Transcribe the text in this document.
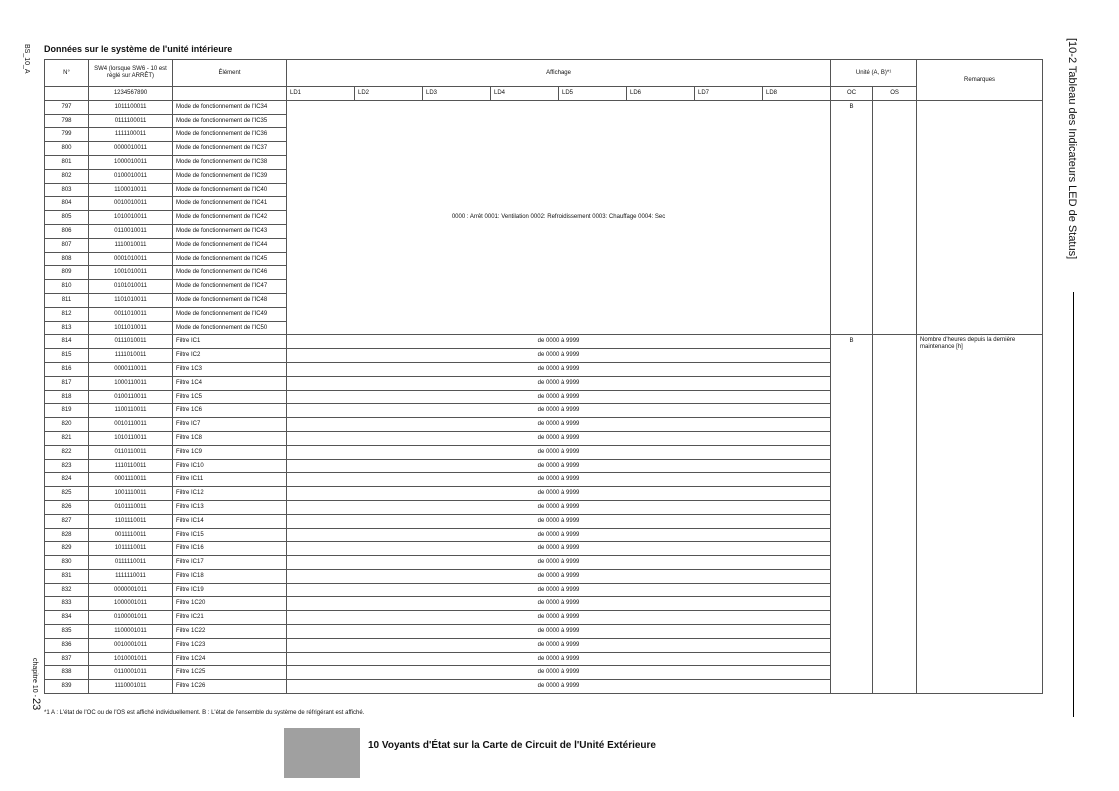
BS_10_A Données sur le système de l'unité intérieure	[10-2 Tableau des Indicateurs LED de Status]
chapitre 10 -
23
N°	SW4 (lorsque SW6 - 10 est réglé sur ARRÊT)	Élément	Affichage								Unité (A, B)*¹		Remarques

	1234567890		LD1	LD2	LD3	LD4	LD5	LD6	LD7	LD8	OC	OS	
797	1011100011	Mode de fonctionnement de l'IC34	0000 : Arrêt 0001: Ventilation 0002: Refroidissement 0003: Chauffage 0004: Sec								B		
798	0111100011	Mode de fonctionnement de l'IC35											
799	1111100011	Mode de fonctionnement de l'IC36											
800	0000010011	Mode de fonctionnement de l'IC37											
801	1000010011	Mode de fonctionnement de l'IC38											
802	0100010011	Mode de fonctionnement de l'IC39											
803	1100010011	Mode de fonctionnement de l'IC40											
804	0010010011	Mode de fonctionnement de l'IC41											
805	1010010011	Mode de fonctionnement de l'IC42											
806	0110010011	Mode de fonctionnement de l'IC43											
807	1110010011	Mode de fonctionnement de l'IC44											
808	0001010011	Mode de fonctionnement de l'IC45											
809	1001010011	Mode de fonctionnement de l'IC46											
810	0101010011	Mode de fonctionnement de l'IC47											
811	1101010011	Mode de fonctionnement de l'IC48											
812	0011010011	Mode de fonctionnement de l'IC49											
813	1011010011	Mode de fonctionnement de l'IC50											
814	0111010011	Filtre IC1	de 0000 à 9999								B		Nombre d'heures depuis la dernière maintenance [h]
815	1111010011	Filtre IC2	de 0000 à 9999										
816	0000110011	Filtre 1C3	de 0000 à 9999										
817	1000110011	Filtre 1C4	de 0000 à 9999										
818	0100110011	Filtre 1C5	de 0000 à 9999										
819	1100110011	Filtre 1C6	de 0000 à 9999										
820	0010110011	Filtre IC7	de 0000 à 9999										
821	1010110011	Filtre 1C8	de 0000 à 9999										
822	0110110011	Filtre 1C9	de 0000 à 9999										
823	1110110011	Filtre IC10	de 0000 à 9999										
824	0001110011	Filtre IC11	de 0000 à 9999										
825	1001110011	Filtre IC12	de 0000 à 9999										
826	0101110011	Filtre IC13	de 0000 à 9999										
827	1101110011	Filtre IC14	de 0000 à 9999										
828	0011110011	Filtre IC15	de 0000 à 9999										
829	1011110011	Filtre IC16	de 0000 à 9999										
830	0111110011	Filtre IC17	de 0000 à 9999										
831	1111110011	Filtre IC18	de 0000 à 9999										
832	0000001011	Filtre IC19	de 0000 à 9999										
833	1000001011	Filtre 1C20	de 0000 à 9999										
834	0100001011	Filtre IC21	de 0000 à 9999										
835	1100001011	Filtre 1C22	de 0000 à 9999										
836	0010001011	Filtre 1C23	de 0000 à 9999										
837	1010001011	Filtre 1C24	de 0000 à 9999										
838	0110001011	Filtre 1C25	de 0000 à 9999										
839	1110001011	Filtre 1C26	de 0000 à 9999										
*1 A : L'état de l'OC ou de l'OS est affiché individuellement. B : L'état de l'ensemble du système de réfrigérant est affiché.
10 Voyants d'État sur la Carte de Circuit de l'Unité Extérieure
